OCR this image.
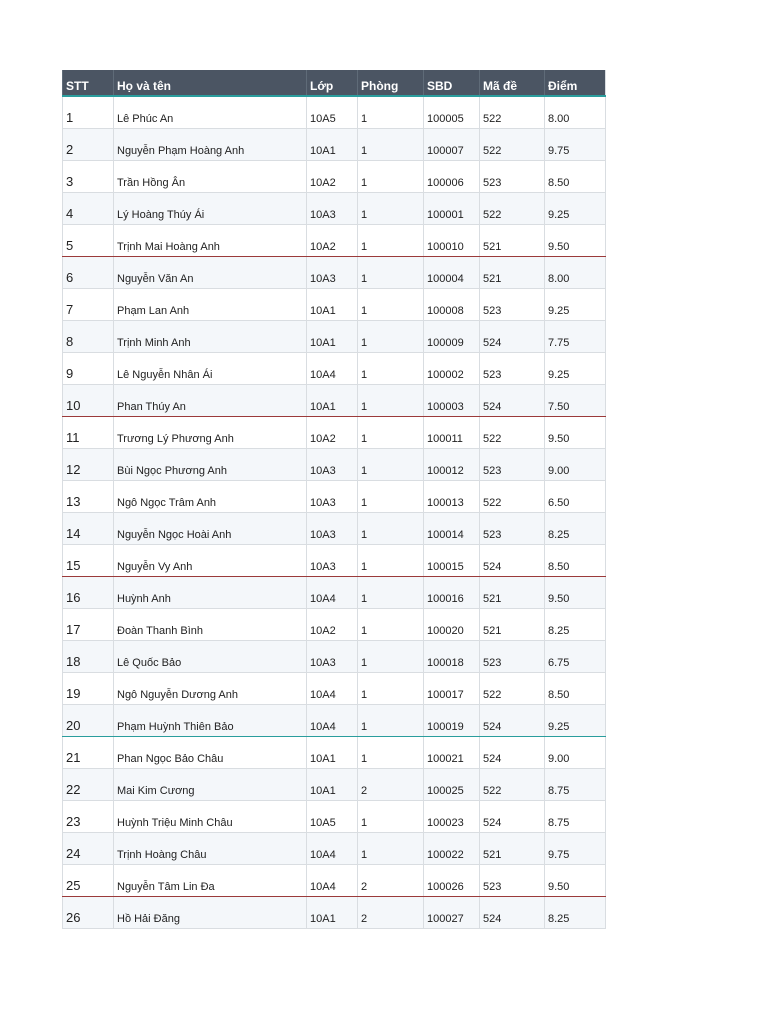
STT	Họ và tên	Lớp	Phòng	SBD	Mã đề	Điểm
1	Lê Phúc An	10A5	1	100005	522	8.00
2	Nguyễn Phạm Hoàng Anh	10A1	1	100007	522	9.75
3	Trần Hồng Ân	10A2	1	100006	523	8.50
4	Lý Hoàng Thúy Ái	10A3	1	100001	522	9.25
5	Trịnh Mai Hoàng Anh	10A2	1	100010	521	9.50
6	Nguyễn Văn An	10A3	1	100004	521	8.00
7	Phạm Lan Anh	10A1	1	100008	523	9.25
8	Trịnh Minh Anh	10A1	1	100009	524	7.75
9	Lê Nguyễn Nhân Ái	10A4	1	100002	523	9.25
10	Phan Thúy An	10A1	1	100003	524	7.50
11	Trương Lý Phương Anh	10A2	1	100011	522	9.50
12	Bùi Ngọc Phương Anh	10A3	1	100012	523	9.00
13	Ngô Ngọc Trâm Anh	10A3	1	100013	522	6.50
14	Nguyễn Ngọc Hoài Anh	10A3	1	100014	523	8.25
15	Nguyễn Vy Anh	10A3	1	100015	524	8.50
16	Huỳnh Anh	10A4	1	100016	521	9.50
17	Đoàn Thanh Bình	10A2	1	100020	521	8.25
18	Lê Quốc Bảo	10A3	1	100018	523	6.75
19	Ngô Nguyễn Dương Anh	10A4	1	100017	522	8.50
20	Phạm Huỳnh Thiên Bảo	10A4	1	100019	524	9.25
21	Phan Ngọc Bảo Châu	10A1	1	100021	524	9.00
22	Mai Kim Cương	10A1	2	100025	522	8.75
23	Huỳnh Triệu Minh Châu	10A5	1	100023	524	8.75
24	Trịnh Hoàng Châu	10A4	1	100022	521	9.75
25	Nguyễn Tâm Lin Đa	10A4	2	100026	523	9.50
26	Hồ Hải Đăng	10A1	2	100027	524	8.25
